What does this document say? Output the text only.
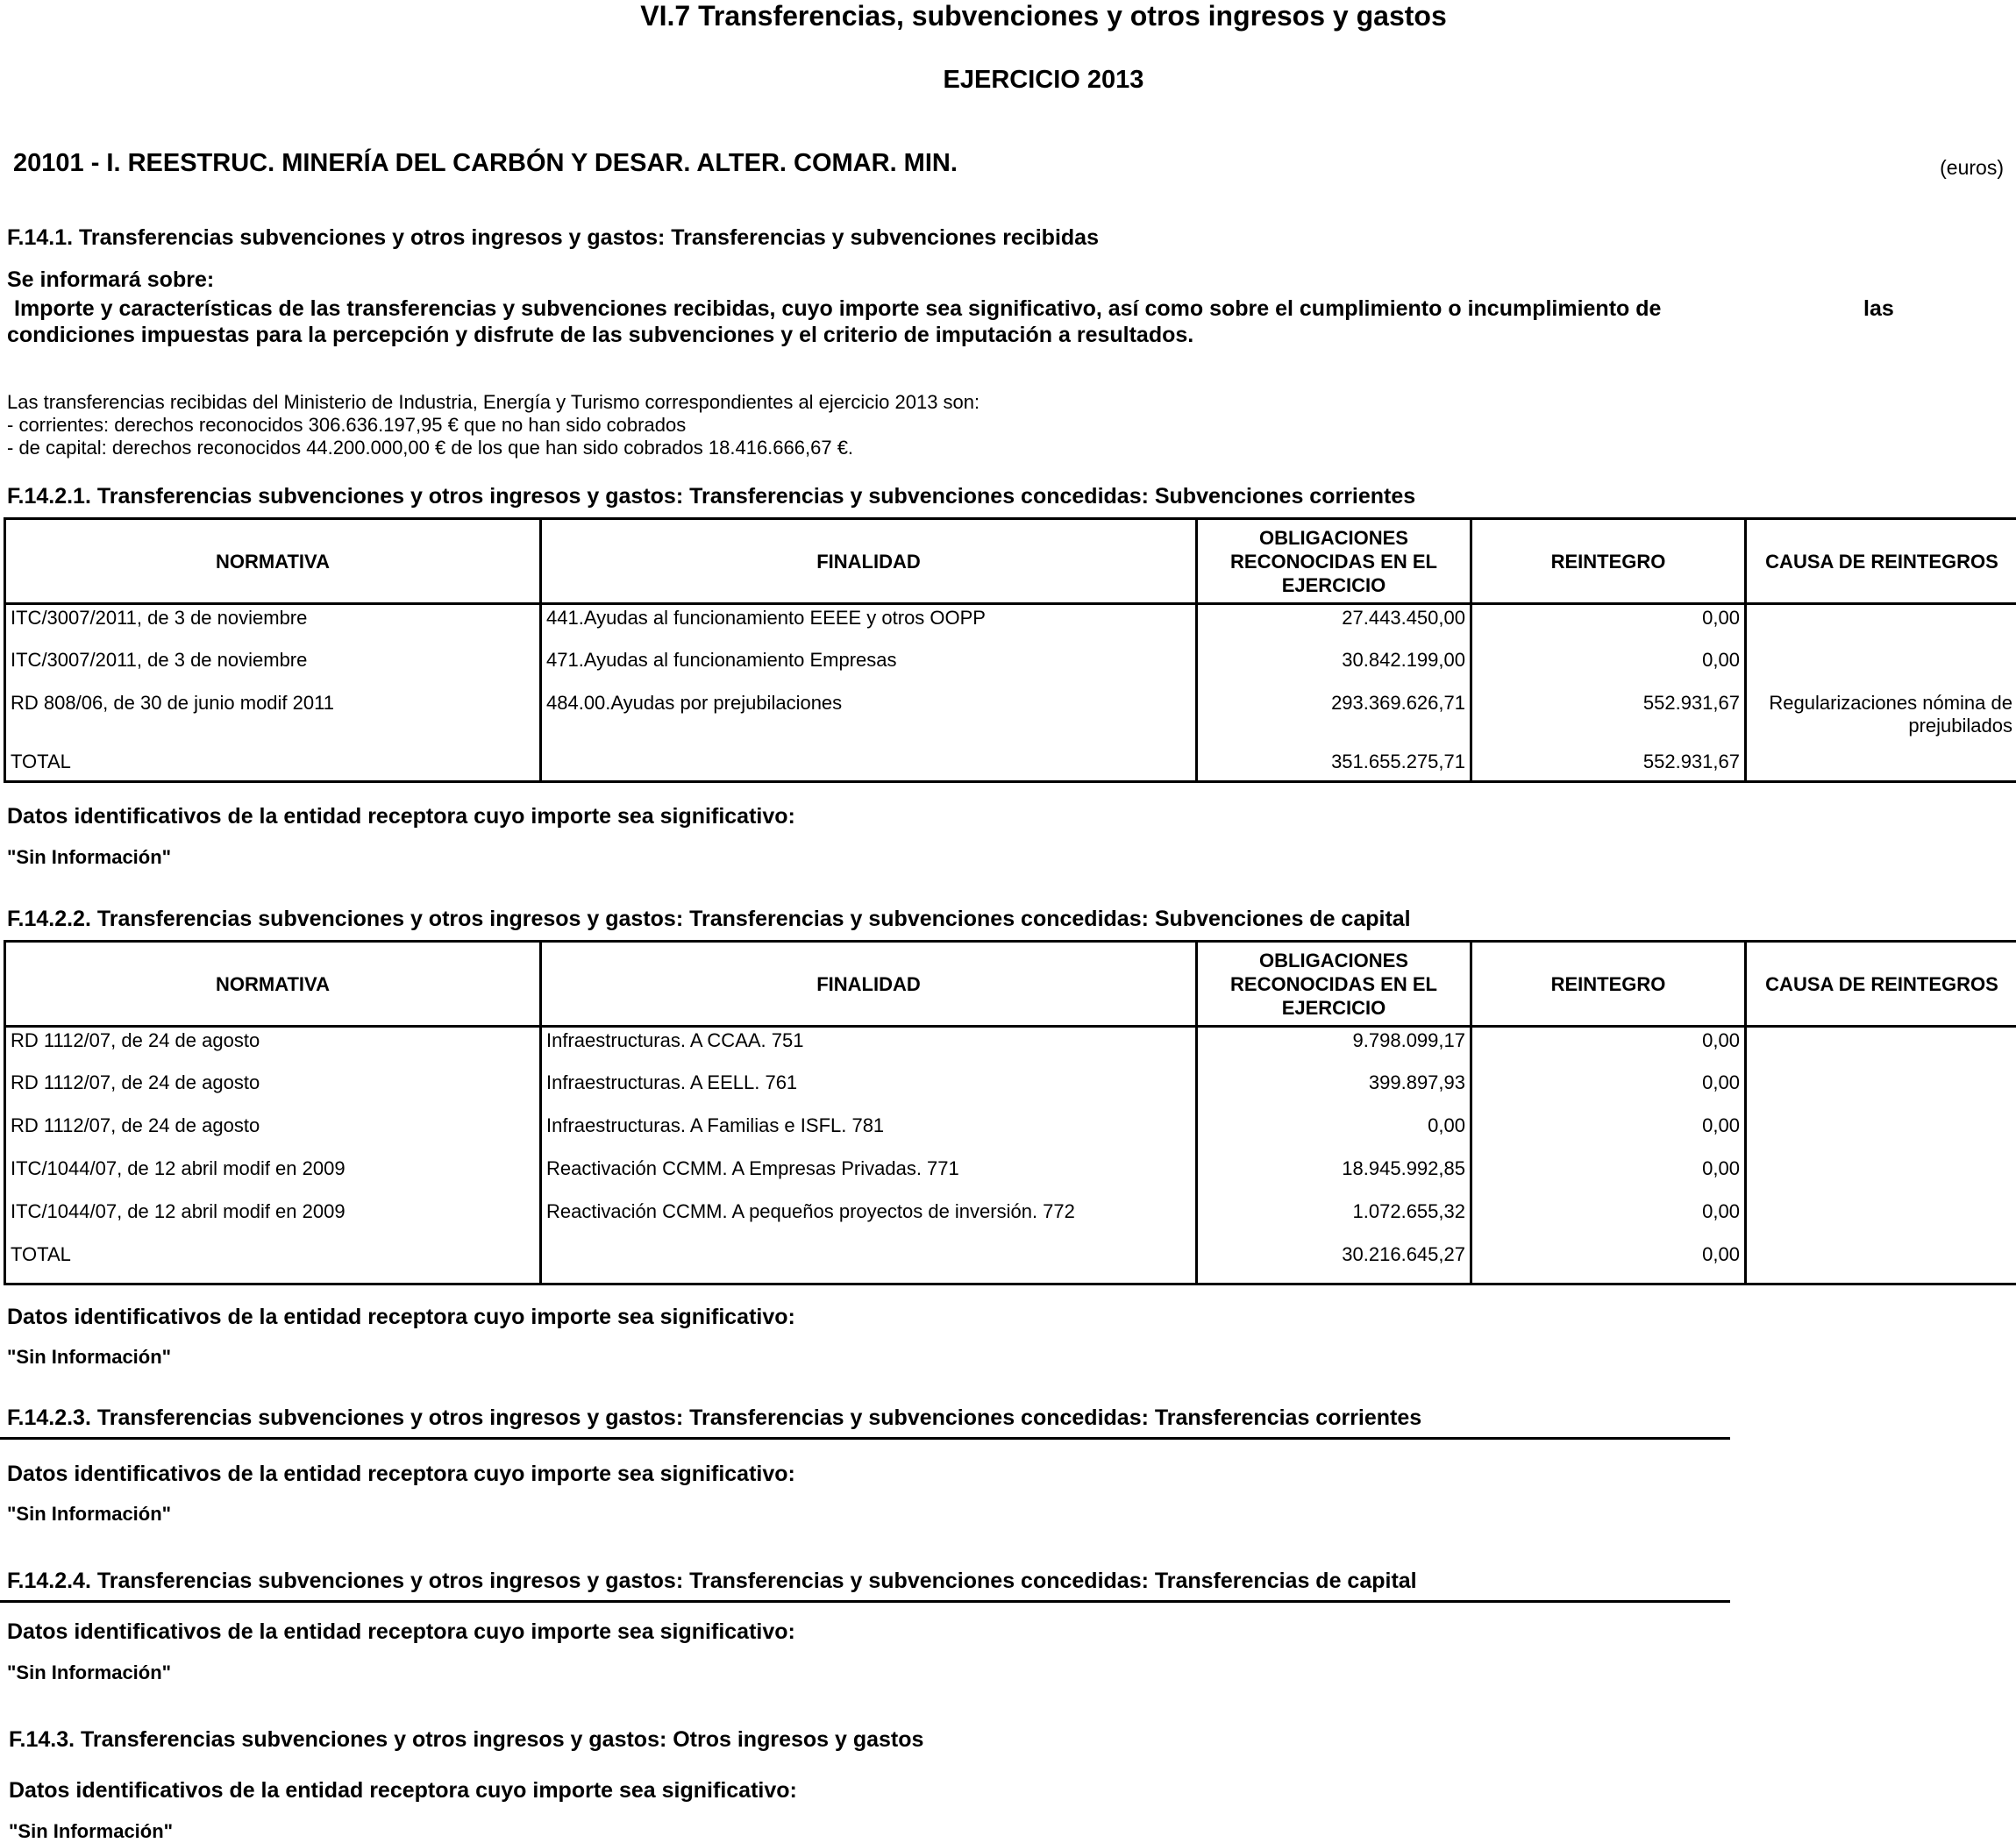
VI.7 Transferencias, subvenciones y otros ingresos y gastos
EJERCICIO 2013
20101 - I. REESTRUC. MINERÍA DEL CARBÓN Y DESAR. ALTER. COMAR. MIN.	(euros)
F.14.1. Transferencias subvenciones y otros ingresos y gastos: Transferencias y subvenciones recibidas
Se informará sobre:
Importe y características de las transferencias y subvenciones recibidas, cuyo importe sea significativo, así como sobre el cumplimiento o incumplimiento de	las
condiciones impuestas para la percepción y disfrute de las subvenciones y el criterio de imputación a resultados.
Las transferencias recibidas del Ministerio de Industria, Energía y Turismo correspondientes al ejercicio 2013 son:
- corrientes: derechos reconocidos 306.636.197,95 € que no han sido cobrados
- de capital: derechos reconocidos 44.200.000,00 € de los que han sido cobrados 18.416.666,67 €.
F.14.2.1. Transferencias subvenciones y otros ingresos y gastos: Transferencias y subvenciones concedidas: Subvenciones corrientes
NORMATIVA	FINALIDAD	OBLIGACIONES RECONOCIDAS EN EL EJERCICIO	REINTEGRO	CAUSA DE REINTEGROS
ITC/3007/2011, de 3 de noviembre	441.Ayudas al funcionamiento EEEE y otros OOPP	27.443.450,00	0,00	
ITC/3007/2011, de 3 de noviembre	471.Ayudas al funcionamiento Empresas	30.842.199,00	0,00	
RD 808/06, de 30 de junio modif 2011	484.00.Ayudas por prejubilaciones	293.369.626,71	552.931,67	Regularizaciones nómina de prejubilados
TOTAL		351.655.275,71	552.931,67	
Datos identificativos de la entidad receptora cuyo importe sea significativo:
"Sin Información"
F.14.2.2. Transferencias subvenciones y otros ingresos y gastos: Transferencias y subvenciones concedidas: Subvenciones de capital
NORMATIVA	FINALIDAD	OBLIGACIONES RECONOCIDAS EN EL EJERCICIO	REINTEGRO	CAUSA DE REINTEGROS
RD 1112/07, de 24 de agosto	Infraestructuras. A CCAA. 751	9.798.099,17	0,00	
RD 1112/07, de 24 de agosto	Infraestructuras. A EELL. 761	399.897,93	0,00	
RD 1112/07, de 24 de agosto	Infraestructuras. A Familias e ISFL. 781	0,00	0,00	
ITC/1044/07, de 12 abril modif en 2009	Reactivación CCMM. A Empresas Privadas. 771	18.945.992,85	0,00	
ITC/1044/07, de 12 abril modif en 2009	Reactivación CCMM. A pequeños proyectos de inversión. 772	1.072.655,32	0,00	
TOTAL		30.216.645,27	0,00	
Datos identificativos de la entidad receptora cuyo importe sea significativo:
"Sin Información"
F.14.2.3. Transferencias subvenciones y otros ingresos y gastos: Transferencias y subvenciones concedidas: Transferencias corrientes
Datos identificativos de la entidad receptora cuyo importe sea significativo:
"Sin Información"
F.14.2.4. Transferencias subvenciones y otros ingresos y gastos: Transferencias y subvenciones concedidas: Transferencias de capital
Datos identificativos de la entidad receptora cuyo importe sea significativo:
"Sin Información"
F.14.3. Transferencias subvenciones y otros ingresos y gastos: Otros ingresos y gastos
Datos identificativos de la entidad receptora cuyo importe sea significativo:
"Sin Información"
